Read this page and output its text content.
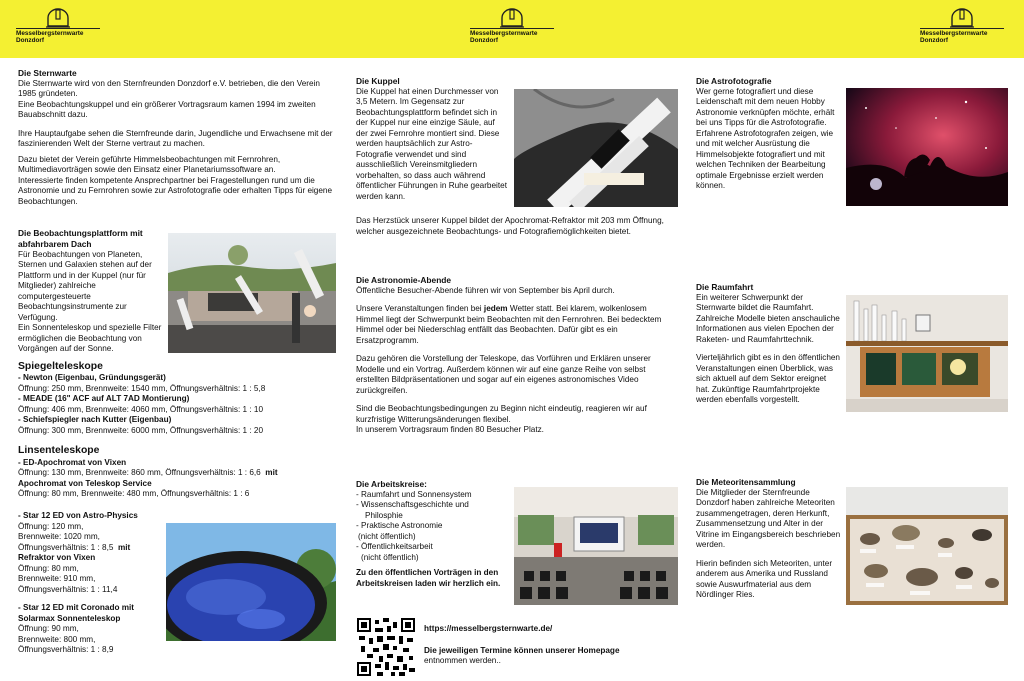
Messelbergsternwarte
Donzdorf
Messelbergsternwarte
Donzdorf
Messelbergsternwarte
Donzdorf
Die Sternwarte

Die Sternwarte wird von den Sternfreunden Donzdorf e.V. betrieben, die den Verein 1985 gründeten.

Eine Beobachtungskuppel und ein größerer Vortragsraum kamen 1994 im zweiten Bauabschnitt dazu.

Ihre Hauptaufgabe sehen die Sternfreunde darin, Jugendliche und Erwachsene mit der faszinierenden Welt der Sterne vertraut zu machen.

Dazu bietet der Verein geführte Himmelsbeobachtungen mit Fernrohren, Multimediavorträgen sowie den Einsatz einer Planetariumssoftware an.

Interessierte finden kompetente Ansprechpartner bei Fragestellungen rund um die Astronomie und zu Fernrohren sowie zur Astrofotografie oder erhalten Tipps für eigene Beobachtungen.

Die Beobachtungsplattform mit abfahrbarem Dach

Für Beobachtungen von Planeten, Sternen und Galaxien stehen auf der Plattform und in der Kuppel (nur für Mitglieder) zahlreiche computergesteuerte Beobachtungsinstrumente zur Verfügung.

Ein Sonnenteleskop und spezielle Filter ermöglichen die Beobachtung von Vorgängen auf der Sonne.

Spiegelteleskope

- Newton (Eigenbau, Gründungsgerät)

Öffnung: 250 mm, Brennweite: 1540 mm, Öffnungsverhältnis: 1 : 5,8

- MEADE (16" ACF auf ALT 7AD Montierung)

Öffnung: 406 mm, Brennweite: 4060 mm, Öffnungsverhältnis: 1 : 10

- Schiefspiegler nach Kutter (Eigenbau)

Öffnung: 300 mm, Brennweite: 6000 mm, Öffnungsverhältnis: 1 : 20

Linsenteleskope

- ED-Apochromat von Vixen

Öffnung: 130 mm, Brennweite: 860 mm, Öffnungsverhältnis: 1 : 6,6 mit

Apochromat von Teleskop Service

Öffnung: 80 mm, Brennweite: 480 mm, Öffnungsverhältnis: 1 : 6

- Star 12 ED von Astro-Physics

Öffnung: 120 mm,

Brennweite: 1020 mm,

Öffnungsverhältnis: 1 : 8,5 mit

Refraktor von Vixen

Öffnung: 80 mm,

Brennweite: 910 mm,

Öffnungsverhältnis: 1 : 11,4

- Star 12 ED mit Coronado mit

Solarmax Sonnenteleskop

Öffnung: 90 mm,

Brennweite: 800 mm,

Öffnungsverhältnis: 1 : 8,9

Die Kuppel

Die Kuppel hat einen Durchmesser von 3,5 Metern. Im Gegensatz zur Beobachtungsplattform befindet sich in der Kuppel nur eine einzige Säule, auf der zwei Fernrohre montiert sind. Diese werden hauptsächlich zur Astro-Fotografie verwendet und sind ausschließlich Vereinsmitgliedern vorbehalten, so dass auch während öffentlicher Führungen in Ruhe gearbeitet werden kann.

Das Herzstück unserer Kuppel bildet der Apochromat-Refraktor mit 203 mm Öffnung, welcher ausgezeichnete Beobachtungs- und Fotografiemöglichkeiten bietet.

Die Astronomie-Abende

Öffentliche Besucher-Abende führen wir von September bis April durch.

Unsere Veranstaltungen finden bei jedem Wetter statt. Bei klarem, wolkenlosem Himmel liegt der Schwerpunkt beim Beobachten mit den Fernrohren. Bei bedecktem Himmel oder bei Niederschlag entfällt das Beobachten. Dafür gibt es ein Ersatzprogramm.

Dazu gehören die Vorstellung der Teleskope, das Vorführen und Erklären unserer Modelle und ein Vortrag. Außerdem können wir auf eine ganze Reihe von selbst erstellten Bildpräsentationen und sogar auf ein eigenes astronomisches Video zurückgreifen.

Sind die Beobachtungsbedingungen zu Beginn nicht eindeutig, reagieren wir auf kurzfristige Witterungsänderungen flexibel.

In unserem Vortragsraum finden 80 Besucher Platz.

Die Arbeitskreise:
- Raumfahrt und Sonnensystem
- Wissenschaftsgeschichte und
Philosphie
- Praktische Astronomie
(nicht öffentlich)
- Öffentlichkeitsarbeit
(nicht öffentlich)

Zu den öffentlichen Vorträgen in den Arbeitskreisen laden wir herzlich ein.

https://messelbergsternwarte.de/

Die jeweiligen Termine können unserer Homepage

entnommen werden..

Die Astrofotografie

Wer gerne fotografiert und diese Leidenschaft mit dem neuen Hobby Astronomie verknüpfen möchte, erhält bei uns Tipps für die Astrofotografie.

Erfahrene Astrofotografen zeigen, wie und mit welcher Ausrüstung die Himmelsobjekte fotografiert und mit welchen Techniken der Bearbeitung optimale Ergebnisse erzielt werden können.

Die Raumfahrt

Ein weiterer Schwerpunkt der Sternwarte bildet die Raumfahrt. Zahlreiche Modelle bieten anschauliche Informationen aus vielen Epochen der Raketen- und Raumfahrttechnik.

Vierteljährlich gibt es in den öffentlichen Veranstaltungen einen Überblick, was sich aktuell auf dem Sektor ereignet hat. Zukünftige Raumfahrtprojekte werden ebenfalls vorgestellt.

Die Meteoritensammlung

Die Mitglieder der Sternfreunde Donzdorf haben zahlreiche Meteoriten zusammengetragen, deren Herkunft, Zusammensetzung und Alter in der Vitrine im Eingangsbereich beschrieben werden.

Hierin befinden sich Meteoriten, unter anderem aus Amerika und Russland sowie Auswurfmaterial aus dem Nördlinger Ries.
